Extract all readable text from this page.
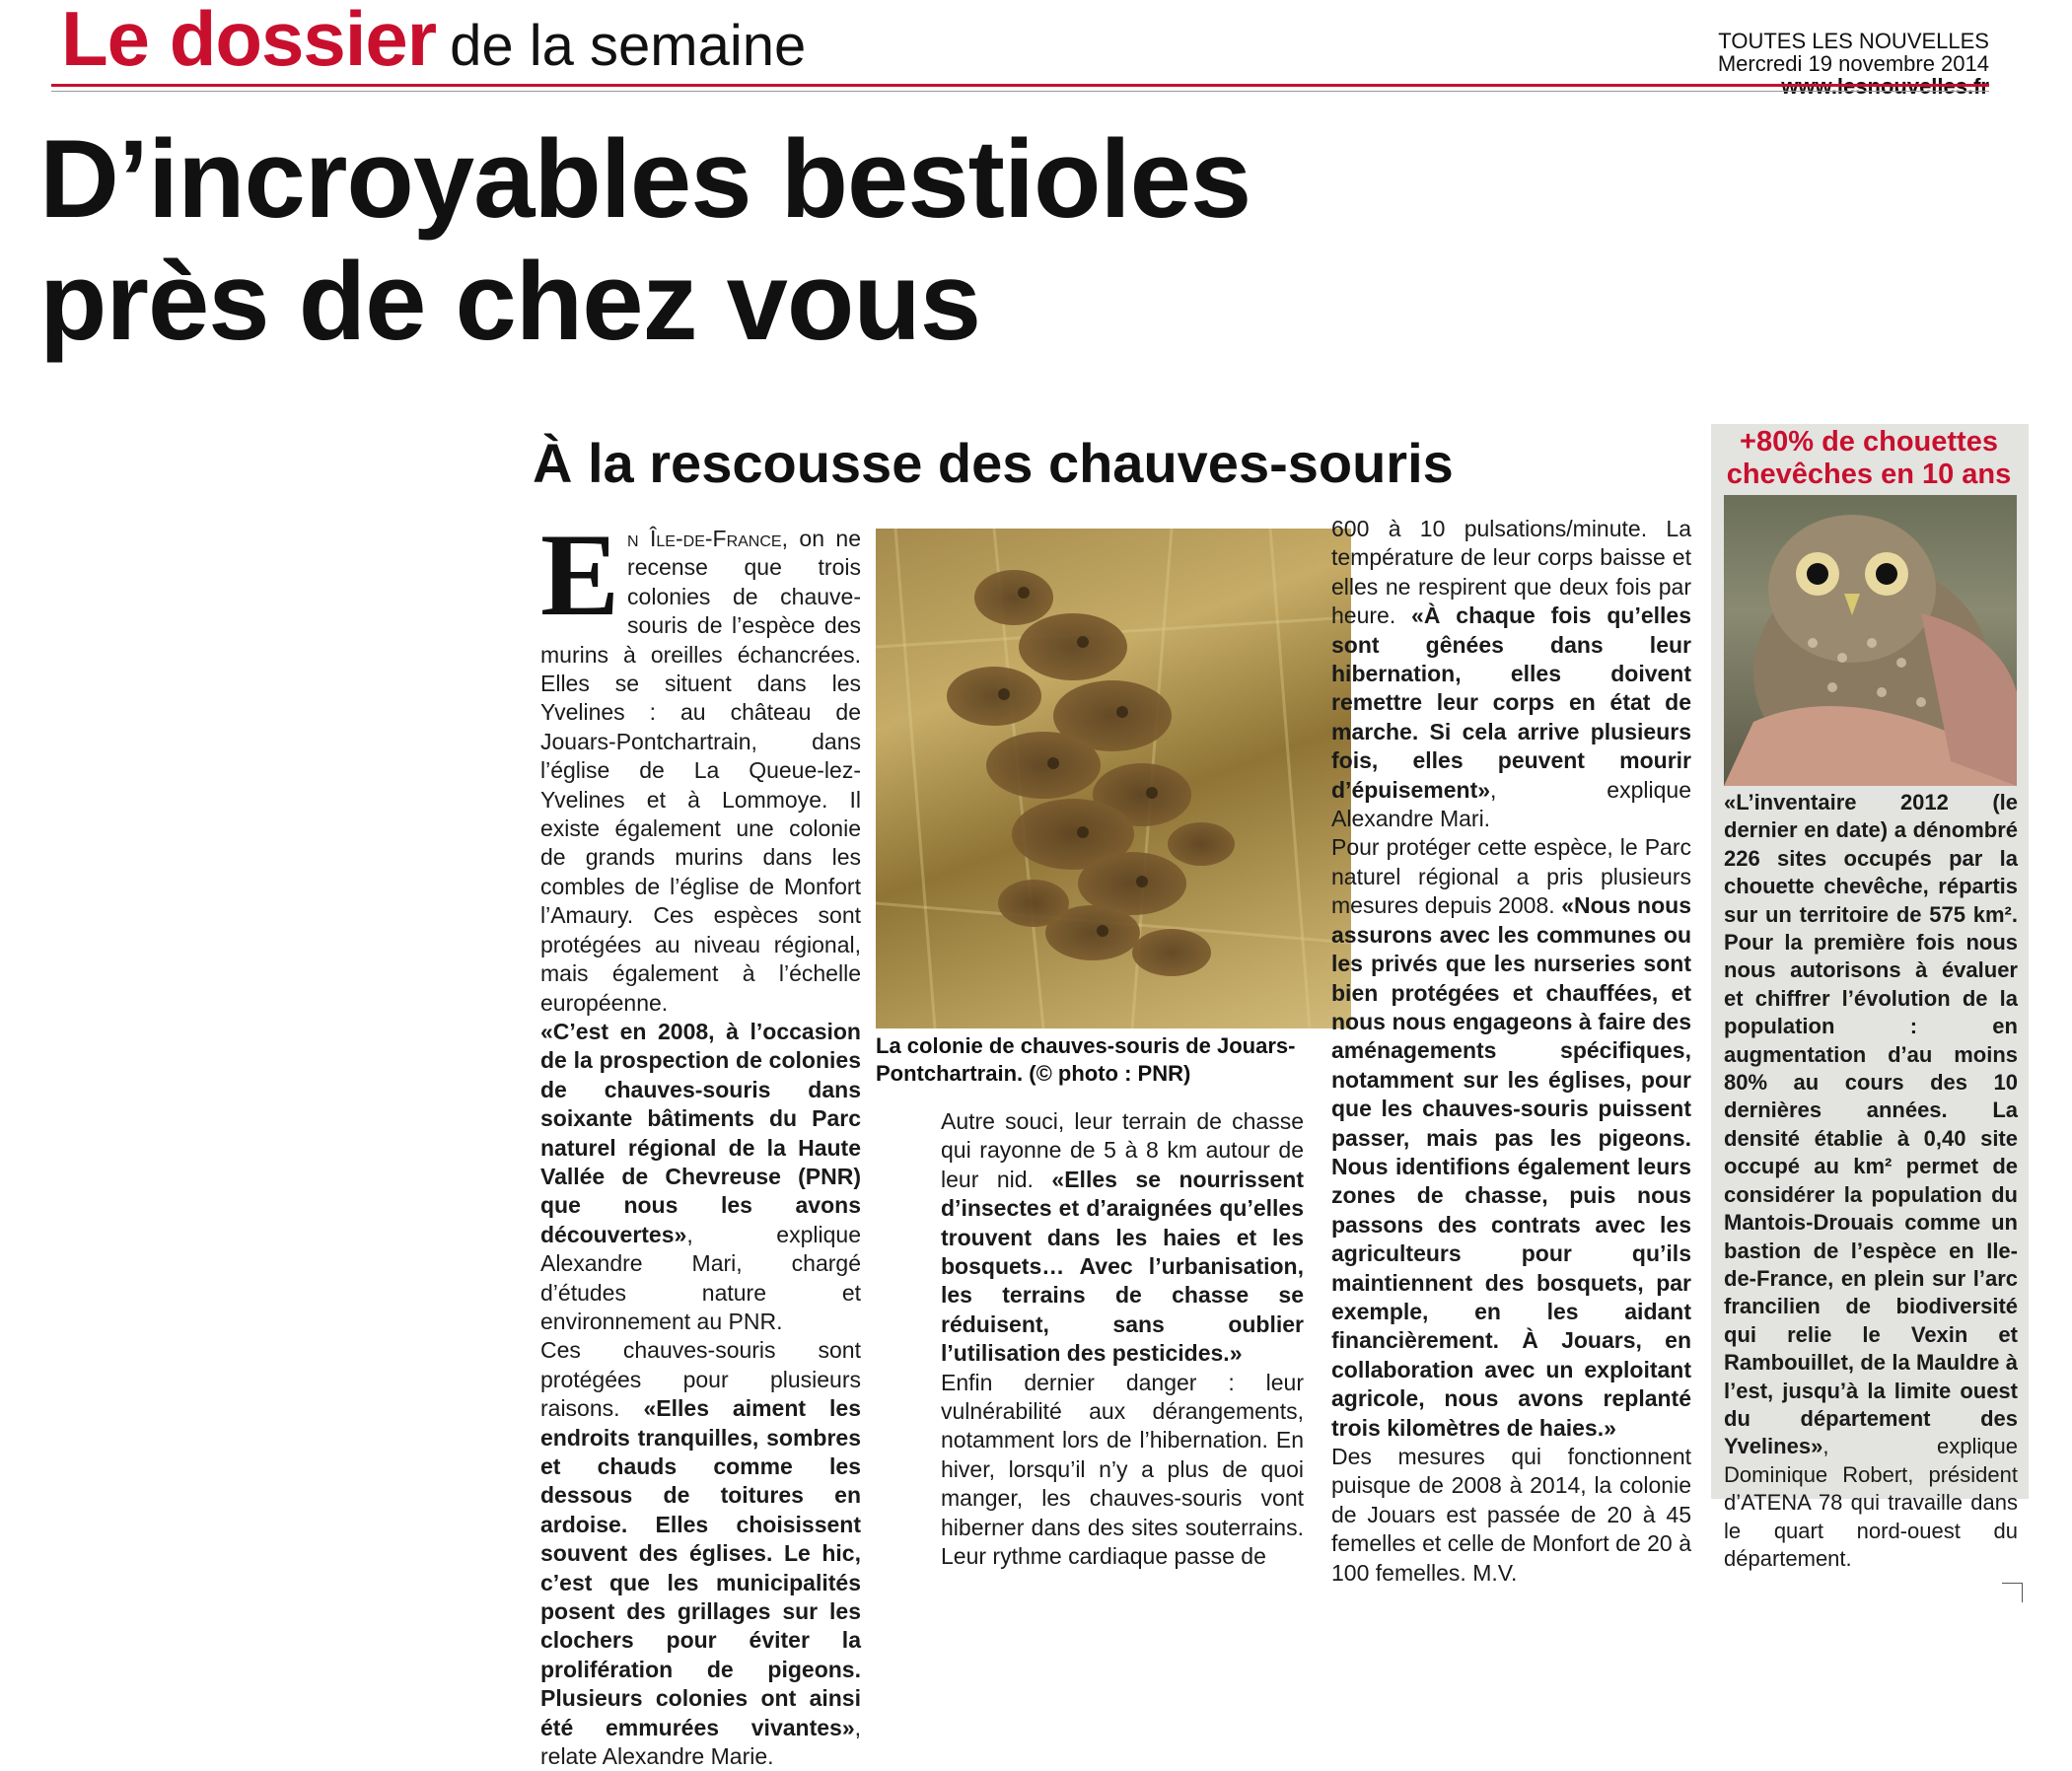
Le dossier de la semaine	TOUTES LES NOUVELLES
Mercredi 19 novembre 2014
D’incroyables bestioles
près de chez vous
À la rescousse des chauves-souris

En Île-de-France, on ne recense que trois colonies de chauve-souris de l’espèce des murins à oreilles échancrées. Elles se situent dans les Yvelines : au château de Jouars-Pontchartrain, dans l’église de La Queue-lez-Yvelines et à Lommoye. Il existe également une colonie de grands murins dans les combles de l’église de Monfort l’Amaury. Ces espèces sont protégées au niveau régional, mais également à l’échelle européenne.

«C’est en 2008, à l’occasion de la prospection de colonies de chauves-souris dans soixante bâtiments du Parc naturel régional de la Haute Vallée de Chevreuse (PNR) que nous les avons découvertes», explique Alexandre Mari, chargé d’études nature et environnement au PNR.

Ces chauves-souris sont protégées pour plusieurs raisons. «Elles aiment les endroits tranquilles, sombres et chauds comme les dessous de toitures en ardoise. Elles choisissent souvent des églises. Le hic, c’est que les municipalités posent des grillages sur les clochers pour éviter la prolifération de pigeons. Plusieurs colonies ont ainsi été emmurées vivantes», relate Alexandre Marie.

La colonie de chauves-souris de Jouars-Pontchartrain. (© photo : PNR)

Autre souci, leur terrain de chasse qui rayonne de 5 à 8 km autour de leur nid. «Elles se nourrissent d’insectes et d’araignées qu’elles trouvent dans les haies et les bosquets… Avec l’urbanisation, les terrains de chasse se réduisent, sans oublier l’utilisation des pesticides.»

Enfin dernier danger : leur vulnérabilité aux dérangements, notamment lors de l’hibernation. En hiver, lorsqu’il n’y a plus de quoi manger, les chauves-souris vont hiberner dans des sites souterrains. Leur rythme cardiaque passe de

600 à 10 pulsations/minute. La température de leur corps baisse et elles ne respirent que deux fois par heure. «À chaque fois qu’elles sont gênées dans leur hibernation, elles doivent remettre leur corps en état de marche. Si cela arrive plusieurs fois, elles peuvent mourir d’épuisement», explique Alexandre Mari.

Pour protéger cette espèce, le Parc naturel régional a pris plusieurs mesures depuis 2008. «Nous nous assurons avec les communes ou les privés que les nurseries sont bien protégées et chauffées, et nous nous engageons à faire des aménagements spécifiques, notamment sur les églises, pour que les chauves-souris puissent passer, mais pas les pigeons. Nous identifions également leurs zones de chasse, puis nous passons des contrats avec les agriculteurs pour qu’ils maintiennent des bosquets, par exemple, en les aidant financièrement. À Jouars, en collaboration avec un exploitant agricole, nous avons replanté trois kilomètres de haies.»

Des mesures qui fonctionnent puisque de 2008 à 2014, la colonie de Jouars est passée de 20 à 45 femelles et celle de Monfort de 20 à 100 femelles. M.V.

+80% de chouettes chevêches en 10 ans
«L’inventaire 2012 (le dernier en date) a dénombré 226 sites occupés par la chouette chevêche, répartis sur un territoire de 575 km². Pour la première fois nous nous autorisons à évaluer et chiffrer l’évolution de la population : en augmentation d’au moins 80% au cours des 10 dernières années. La densité établie à 0,40 site occupé au km² permet de considérer la population du Mantois-Drouais comme un bastion de l’espèce en Ile-de-France, en plein sur l’arc francilien de biodiversité qui relie le Vexin et Rambouillet, de la Mauldre à l’est, jusqu’à la limite ouest du département des Yvelines», explique Dominique Robert, président d’ATENA 78 qui travaille dans le quart nord-ouest du département.
